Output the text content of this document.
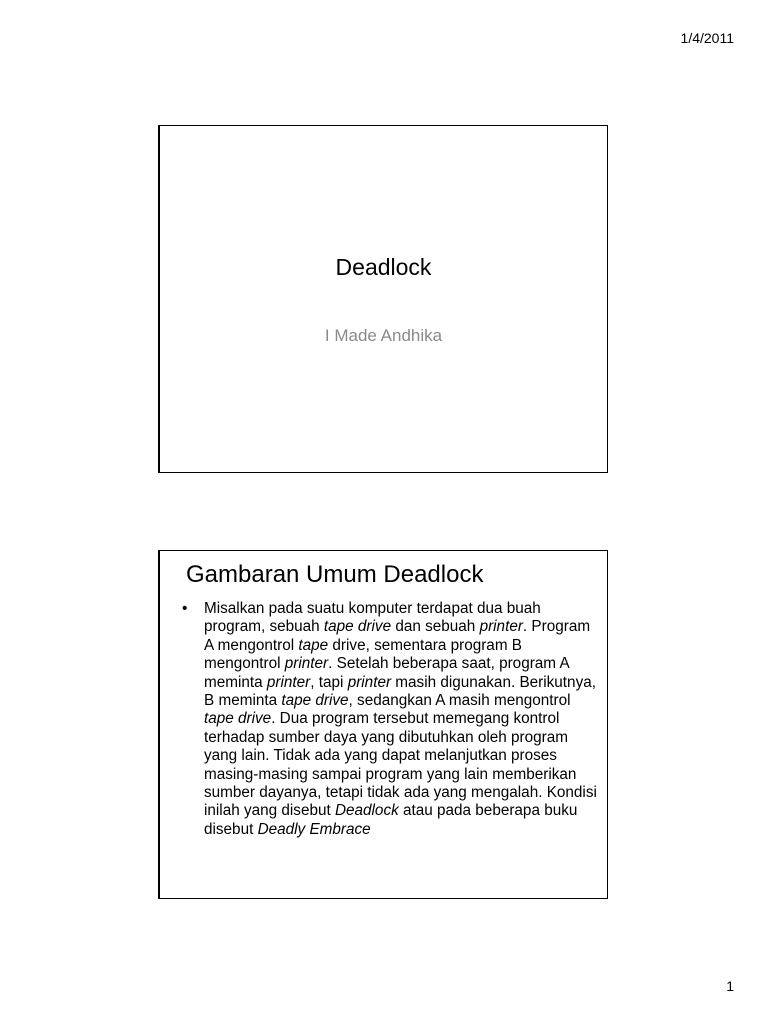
1/4/2011
Deadlock
I Made Andhika
Gambaran Umum Deadlock
• Misalkan pada suatu komputer terdapat dua buah program, sebuah tape drive dan sebuah printer. Program A mengontrol tape drive, sementara program B mengontrol printer. Setelah beberapa saat, program A meminta printer, tapi printer masih digunakan. Berikutnya, B meminta tape drive, sedangkan A masih mengontrol tape drive. Dua program tersebut memegang kontrol terhadap sumber daya yang dibutuhkan oleh program yang lain. Tidak ada yang dapat melanjutkan proses masing-masing sampai program yang lain memberikan sumber dayanya, tetapi tidak ada yang mengalah. Kondisi inilah yang disebut Deadlock atau pada beberapa buku disebut Deadly Embrace
1
